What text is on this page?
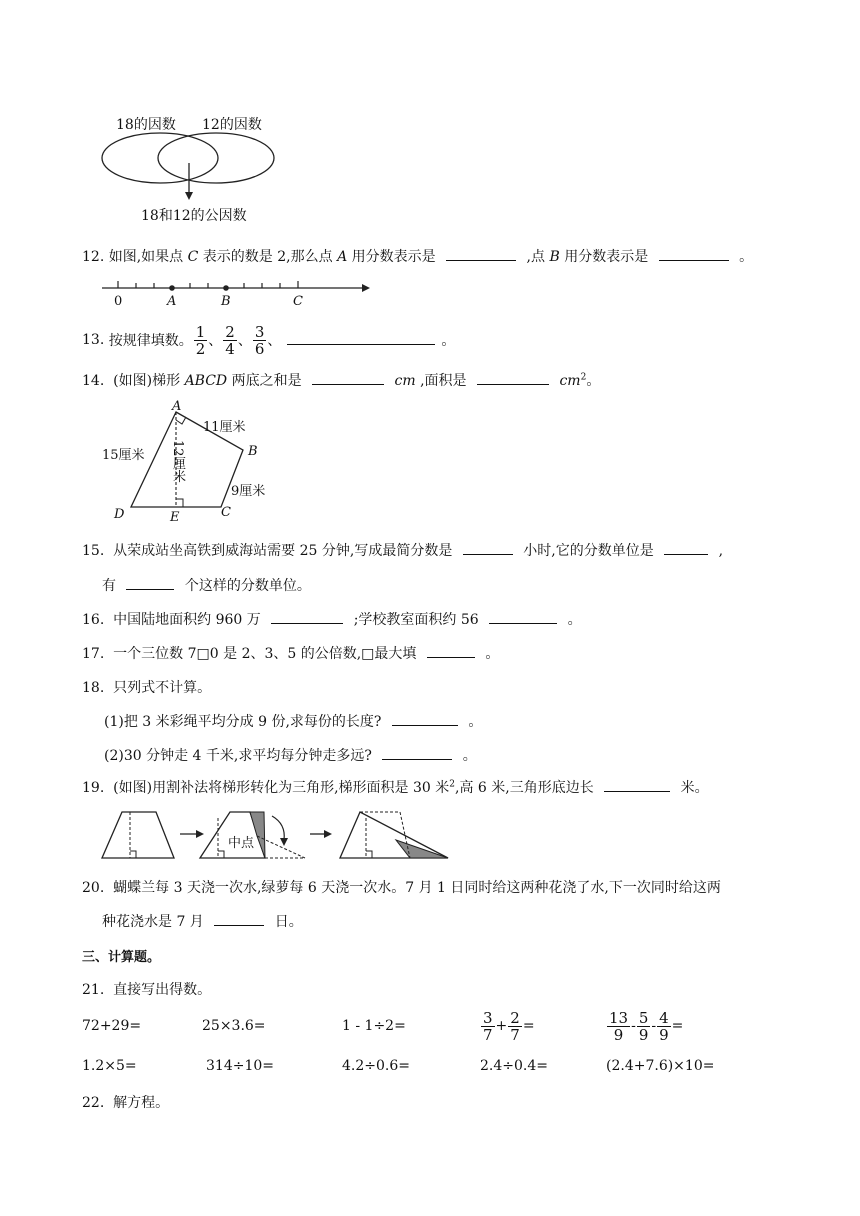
18的因数 12的因数
18和12的公因数
12. 如图,如果点 C 表示的数是 2,那么点 A 用分数表示是	,点 B 用分数表示是	。
0	A	B	C
13.
按规律填数。 $\frac{1}{2}$ 、 $\frac{2}{4}$ 、 $\frac{3}{6}$ 、	。
14. (如图)梯形 ABCD 两底之和是	cm ,面积是	$cm^2$。
A
B
C
D	E
11厘米
15厘米
9厘米
12厘米
15. 从荣成站坐高铁到威海站需要 25 分钟,写成最简分数是	小时,它的分数单位是	,
有	个这样的分数单位。
16. 中国陆地面积约 960 万	;学校教室面积约 56	。
17. 一个三位数 7□0 是 2、3、5 的公倍数,□最大填	。
18. 只列式不计算。
(1)把 3 米彩绳平均分成 9 份,求每份的长度?	。
(2)30 分钟走 4 千米,求平均每分钟走多远?	。
19. (如图)用割补法将梯形转化为三角形,梯形面积是 30 米$^2$,高 6 米,三角形底边长	米。
中点
20. 蝴蝶兰每 3 天浇一次水,绿萝每 6 天浇一次水。7 月 1 日同时给这两种花浇了水,下一次同时给这两
种花浇水是 7 月	日。
三、计算题。
21. 直接写出得数。
72+29=	25×3.6=	1 - 1÷2=	$\frac{3}{7} + \frac{2}{7}$ =	$\frac{13}{9} - \frac{5}{9} - \frac{4}{9}$ =
1.2×5=	314÷10=	4.2÷0.6=	2.4÷0.4=	(2.4+7.6)×10=
22. 解方程。
